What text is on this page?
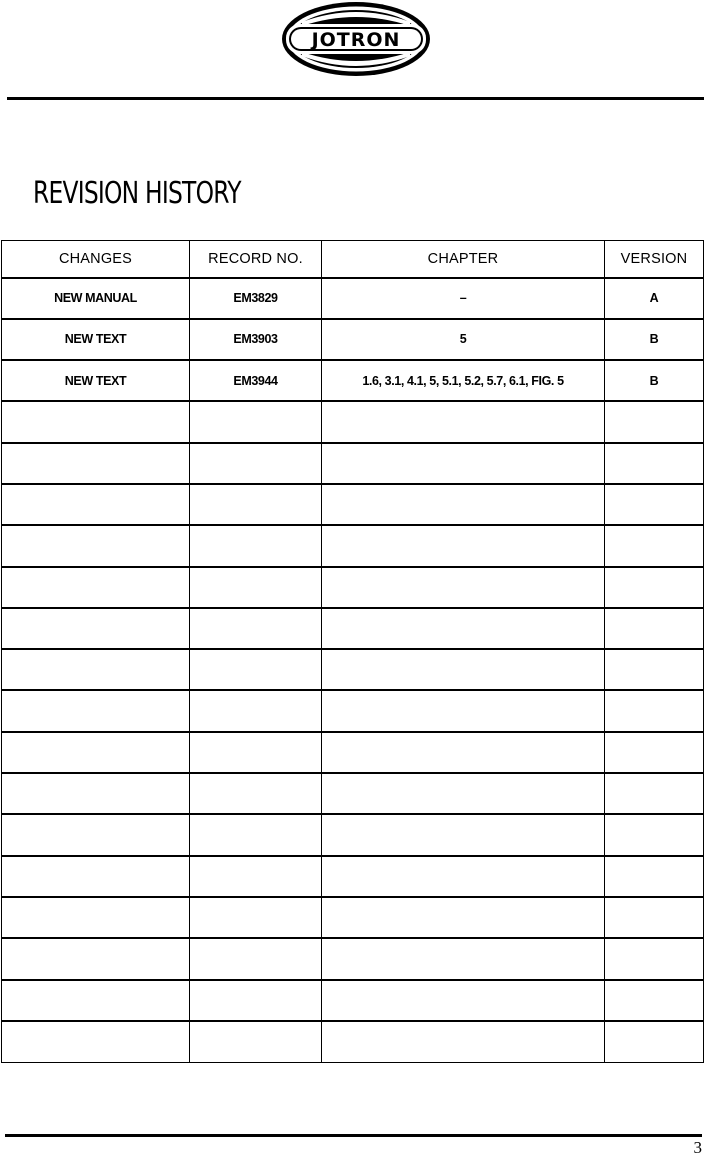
JOTRON
REVISION HISTORY
CHANGES	RECORD NO.	CHAPTER	VERSION
NEW MANUAL	EM3829	–	A
NEW TEXT	EM3903	5	B
NEW TEXT	EM3944	1.6, 3.1, 4.1, 5, 5.1, 5.2, 5.7, 6.1, FIG. 5	B

3
